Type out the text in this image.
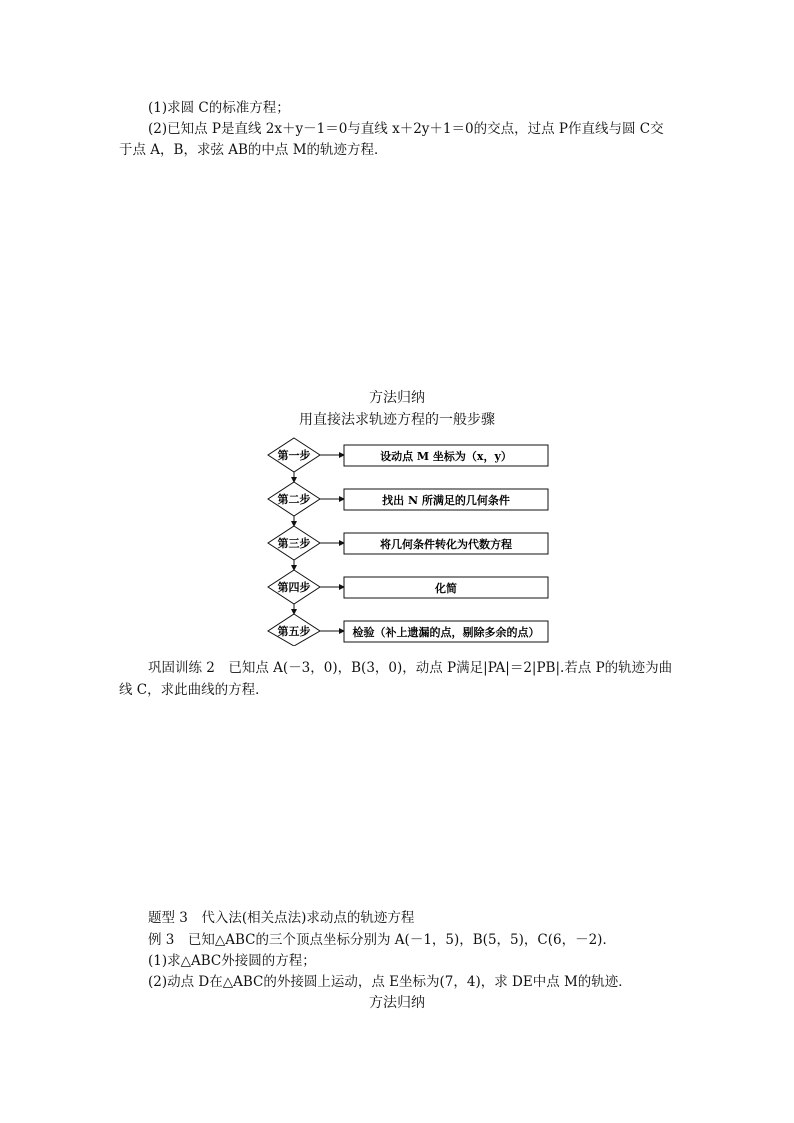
(1)求圆 C的标准方程；
(2)已知点 P是直线 2x＋y－1＝0与直线 x＋2y＋1＝0的交点，过点 P作直线与圆 C交
于点 A，B，求弦 AB的中点 M的轨迹方程．
方法归纳
用直接法求轨迹方程的一般步骤
第一步	设动点 M 坐标为（x，y）
第二步	找出 N 所满足的几何条件
第三步	将几何条件转化为代数方程
第四步	化简
第五步	检验（补上遗漏的点，剔除多余的点）
巩固训练 2　已知点 A(－3，0)，B(3，0)，动点 P满足|PA|＝2|PB|.若点 P的轨迹为曲
线 C，求此曲线的方程．
题型 3　代入法(相关点法)求动点的轨迹方程
例 3　已知△ABC的三个顶点坐标分别为 A(－1，5)，B(5，5)，C(6，－2)．
(1)求△ABC外接圆的方程；
(2)动点 D在△ABC的外接圆上运动，点 E坐标为(7，4)，求 DE中点 M的轨迹．
方法归纳
